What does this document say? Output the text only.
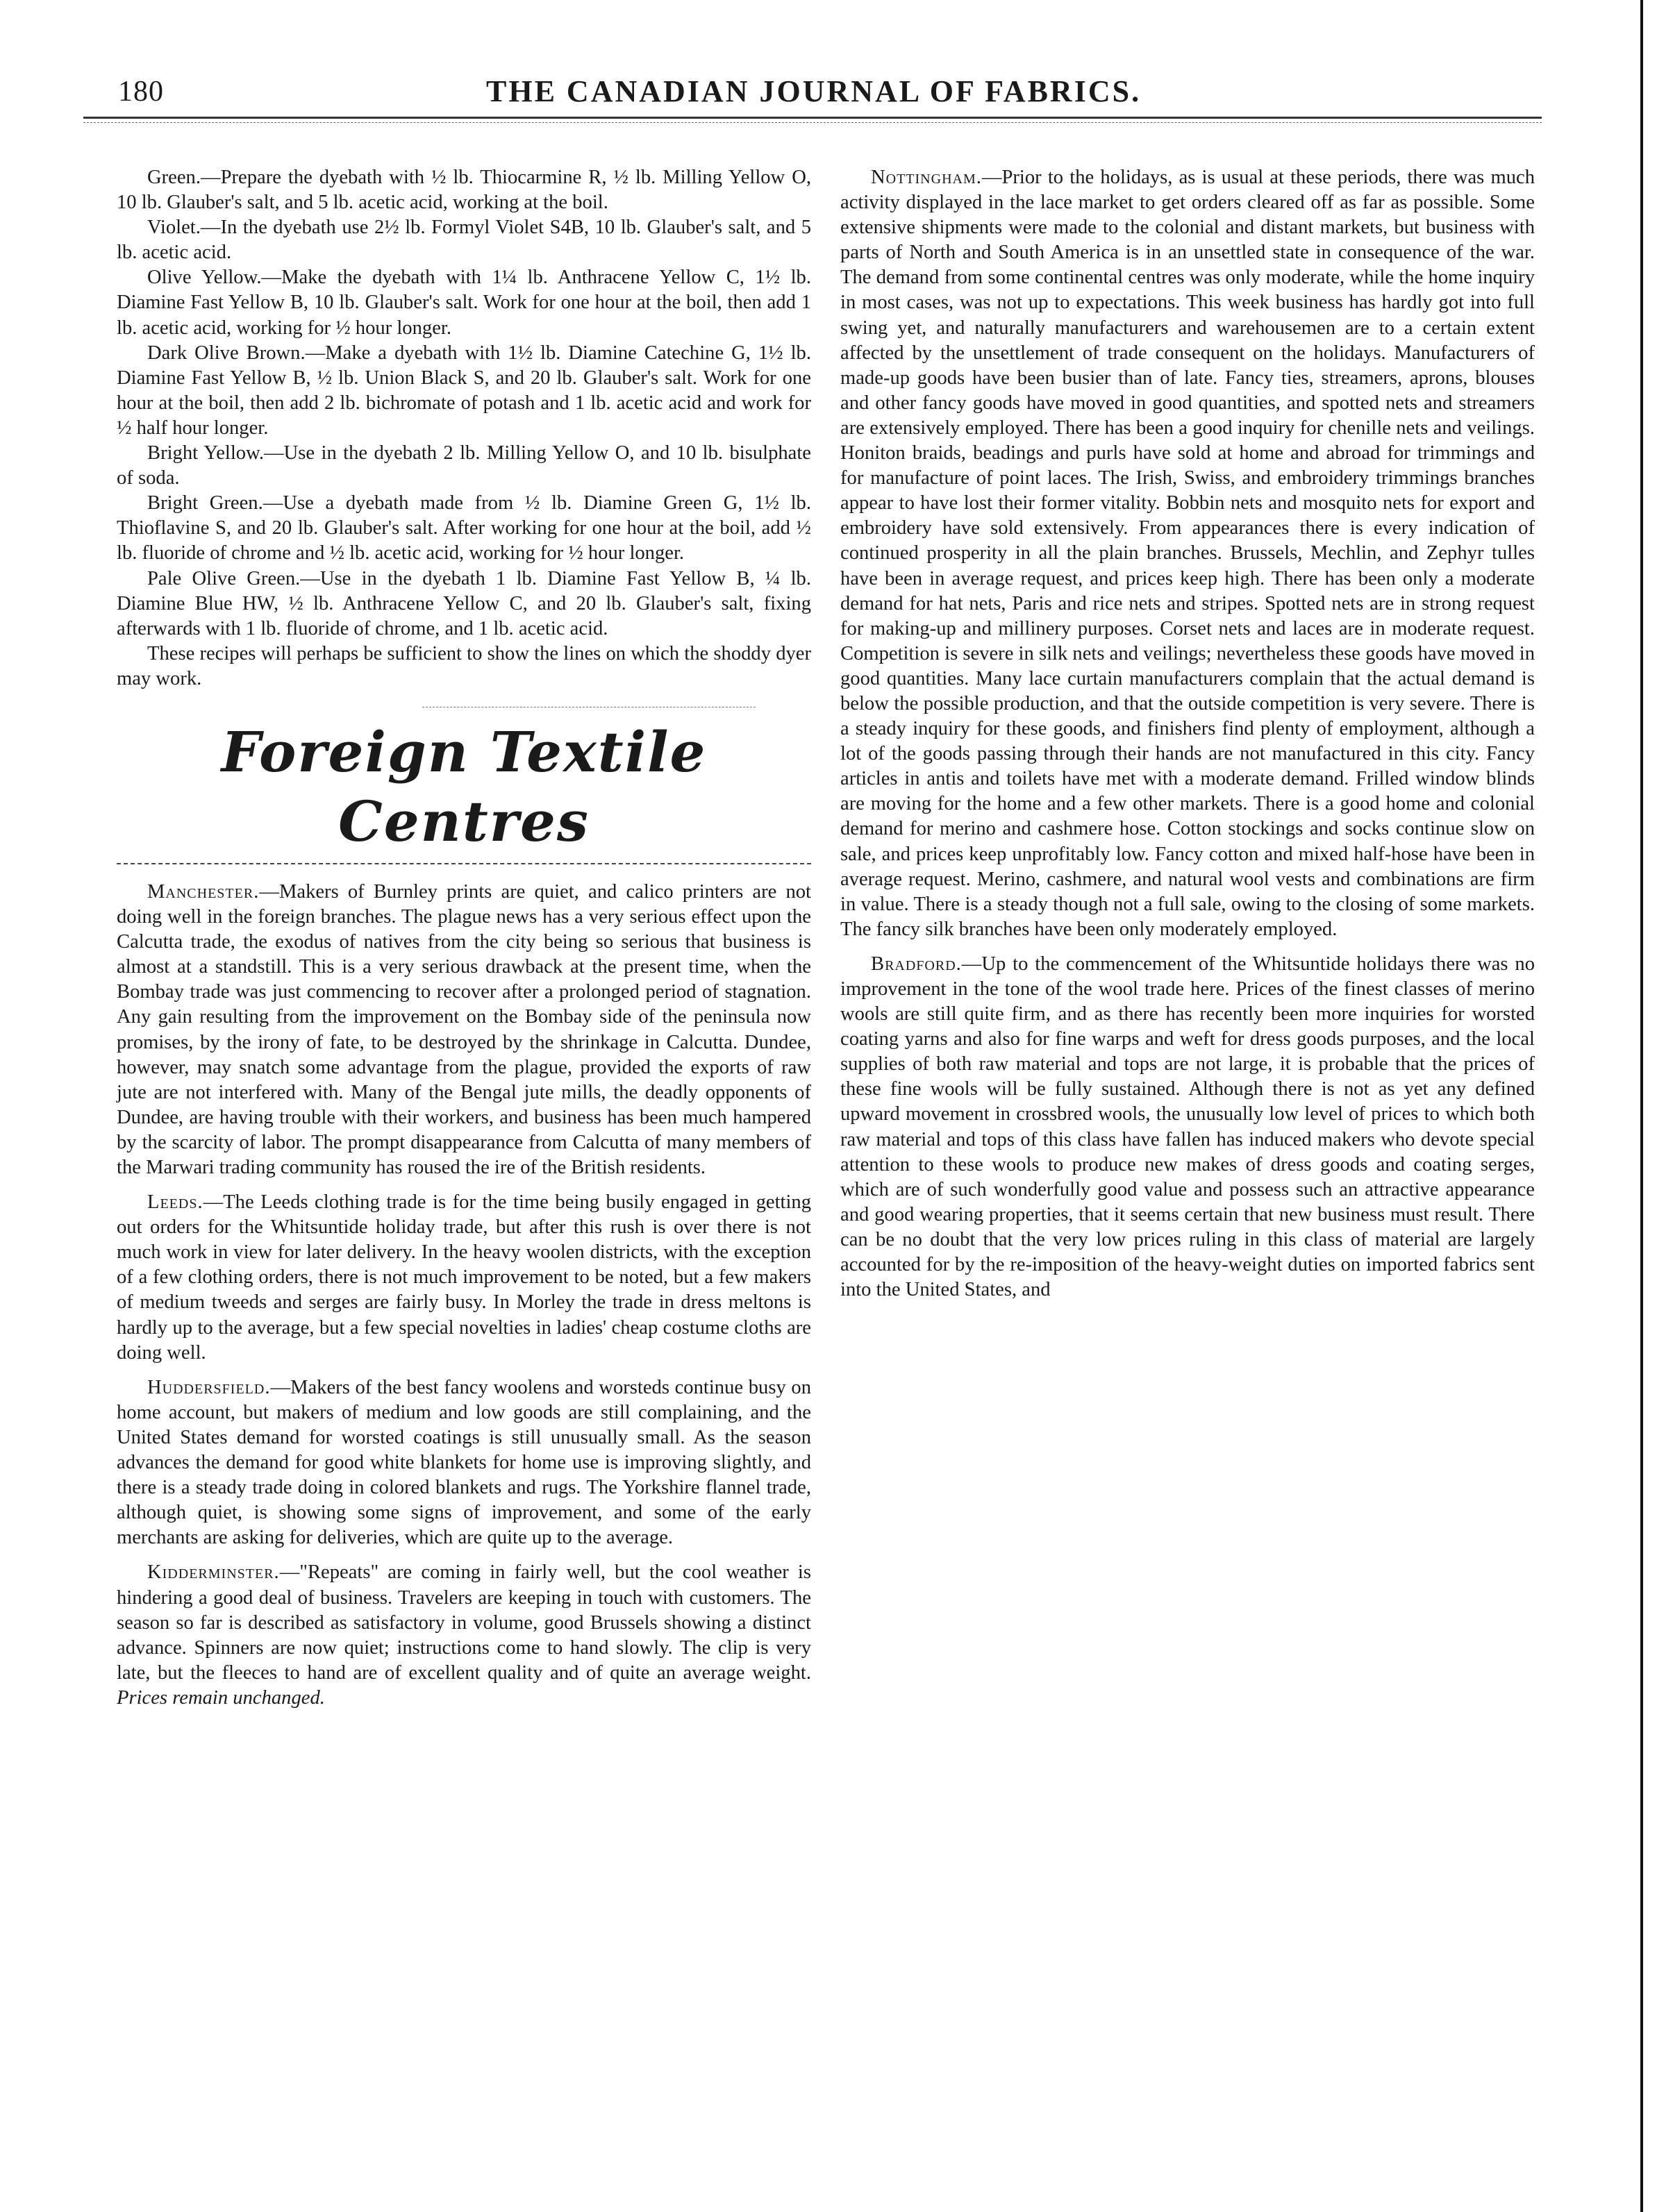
180	THE CANADIAN JOURNAL OF FABRICS.

Green.—Prepare the dyebath with ½ lb. Thiocarmine R, ½ lb. Milling Yellow O, 10 lb. Glauber's salt, and 5 lb. acetic acid, working at the boil.

Violet.—In the dyebath use 2½ lb. Formyl Violet S4B, 10 lb. Glauber's salt, and 5 lb. acetic acid.

Olive Yellow.—Make the dyebath with 1¼ lb. Anthracene Yellow C, 1½ lb. Diamine Fast Yellow B, 10 lb. Glauber's salt. Work for one hour at the boil, then add 1 lb. acetic acid, working for ½ hour longer.

Dark Olive Brown.—Make a dyebath with 1½ lb. Diamine Catechine G, 1½ lb. Diamine Fast Yellow B, ½ lb. Union Black S, and 20 lb. Glauber's salt. Work for one hour at the boil, then add 2 lb. bichromate of potash and 1 lb. acetic acid and work for ½ half hour longer.

Bright Yellow.—Use in the dyebath 2 lb. Milling Yellow O, and 10 lb. bisulphate of soda.

Bright Green.—Use a dyebath made from ½ lb. Diamine Green G, 1½ lb. Thioflavine S, and 20 lb. Glauber's salt. After working for one hour at the boil, add ½ lb. fluoride of chrome and ½ lb. acetic acid, working for ½ hour longer.

Pale Olive Green.—Use in the dyebath 1 lb. Diamine Fast Yellow B, ¼ lb. Diamine Blue HW, ½ lb. Anthracene Yellow C, and 20 lb. Glauber's salt, fixing afterwards with 1 lb. fluoride of chrome, and 1 lb. acetic acid.

These recipes will perhaps be sufficient to show the lines on which the shoddy dyer may work.

Foreign Textile Centres

Manchester.—Makers of Burnley prints are quiet, and calico printers are not doing well in the foreign branches. The plague news has a very serious effect upon the Calcutta trade, the exodus of natives from the city being so serious that business is almost at a standstill. This is a very serious drawback at the present time, when the Bombay trade was just commencing to recover after a prolonged period of stagnation. Any gain resulting from the improvement on the Bombay side of the peninsula now promises, by the irony of fate, to be destroyed by the shrinkage in Calcutta. Dundee, however, may snatch some advantage from the plague, provided the exports of raw jute are not interfered with. Many of the Bengal jute mills, the deadly opponents of Dundee, are having trouble with their workers, and business has been much hampered by the scarcity of labor. The prompt disappearance from Calcutta of many members of the Marwari trading community has roused the ire of the British residents.

Leeds.—The Leeds clothing trade is for the time being busily engaged in getting out orders for the Whitsuntide holiday trade, but after this rush is over there is not much work in view for later delivery. In the heavy woolen districts, with the exception of a few clothing orders, there is not much improvement to be noted, but a few makers of medium tweeds and serges are fairly busy. In Morley the trade in dress meltons is hardly up to the average, but a few special novelties in ladies' cheap costume cloths are doing well.

Huddersfield.—Makers of the best fancy woolens and worsteds continue busy on home account, but makers of medium and low goods are still complaining, and the United States demand for worsted coatings is still unusually small. As the season advances the demand for good white blankets for home use is improving slightly, and there is a steady trade doing in colored blankets and rugs. The Yorkshire flannel trade, although quiet, is showing some signs of improvement, and some of the early merchants are asking for deliveries, which are quite up to the average.

Kidderminster.—"Repeats" are coming in fairly well, but the cool weather is hindering a good deal of business. Travelers are keeping in touch with customers. The season so far is described as satisfactory in volume, good Brussels showing a distinct advance. Spinners are now quiet; instructions come to hand slowly. The clip is very late, but the fleeces to hand are of excellent quality and of quite an average weight. Prices remain unchanged.

Nottingham.—Prior to the holidays, as is usual at these periods, there was much activity displayed in the lace market to get orders cleared off as far as possible. Some extensive shipments were made to the colonial and distant markets, but business with parts of North and South America is in an unsettled state in consequence of the war. The demand from some continental centres was only moderate, while the home inquiry in most cases, was not up to expectations. This week business has hardly got into full swing yet, and naturally manufacturers and warehousemen are to a certain extent affected by the unsettlement of trade consequent on the holidays. Manufacturers of made-up goods have been busier than of late. Fancy ties, streamers, aprons, blouses and other fancy goods have moved in good quantities, and spotted nets and streamers are extensively employed. There has been a good inquiry for chenille nets and veilings. Honiton braids, beadings and purls have sold at home and abroad for trimmings and for manufacture of point laces. The Irish, Swiss, and embroidery trimmings branches appear to have lost their former vitality. Bobbin nets and mosquito nets for export and embroidery have sold extensively. From appearances there is every indication of continued prosperity in all the plain branches. Brussels, Mechlin, and Zephyr tulles have been in average request, and prices keep high. There has been only a moderate demand for hat nets, Paris and rice nets and stripes. Spotted nets are in strong request for making-up and millinery purposes. Corset nets and laces are in moderate request. Competition is severe in silk nets and veilings; nevertheless these goods have moved in good quantities. Many lace curtain manufacturers complain that the actual demand is below the possible production, and that the outside competition is very severe. There is a steady inquiry for these goods, and finishers find plenty of employment, although a lot of the goods passing through their hands are not manufactured in this city. Fancy articles in antis and toilets have met with a moderate demand. Frilled window blinds are moving for the home and a few other markets. There is a good home and colonial demand for merino and cashmere hose. Cotton stockings and socks continue slow on sale, and prices keep unprofitably low. Fancy cotton and mixed half-hose have been in average request. Merino, cashmere, and natural wool vests and combinations are firm in value. There is a steady though not a full sale, owing to the closing of some markets. The fancy silk branches have been only moderately employed.

Bradford.—Up to the commencement of the Whitsuntide holidays there was no improvement in the tone of the wool trade here. Prices of the finest classes of merino wools are still quite firm, and as there has recently been more inquiries for worsted coating yarns and also for fine warps and weft for dress goods purposes, and the local supplies of both raw material and tops are not large, it is probable that the prices of these fine wools will be fully sustained. Although there is not as yet any defined upward movement in crossbred wools, the unusually low level of prices to which both raw material and tops of this class have fallen has induced makers who devote special attention to these wools to produce new makes of dress goods and coating serges, which are of such wonderfully good value and possess such an attractive appearance and good wearing properties, that it seems certain that new business must result. There can be no doubt that the very low prices ruling in this class of material are largely accounted for by the re-imposition of the heavy-weight duties on imported fabrics sent into the United States, and
